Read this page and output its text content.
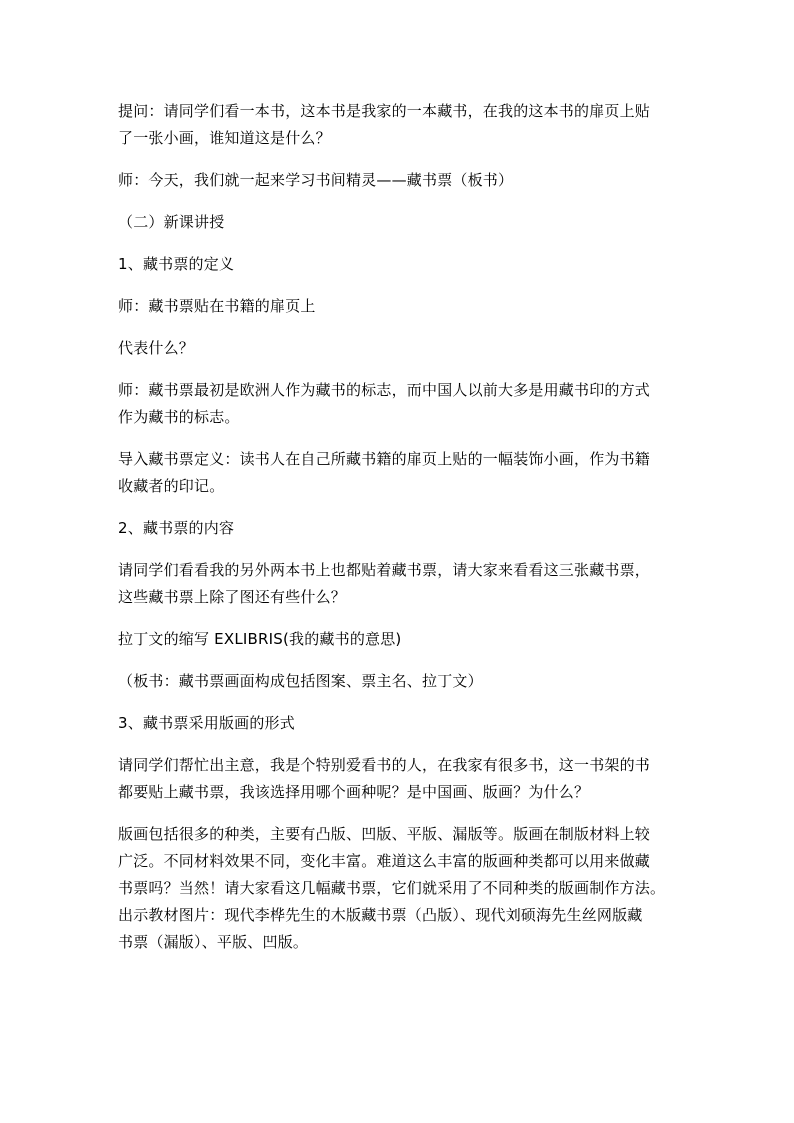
提问：请同学们看一本书，这本书是我家的一本藏书，在我的这本书的扉页上贴
了一张小画，谁知道这是什么？

师：今天，我们就一起来学习书间精灵——藏书票（板书）

（二）新课讲授

1、藏书票的定义

师：藏书票贴在书籍的扉页上

代表什么？

师：藏书票最初是欧洲人作为藏书的标志，而中国人以前大多是用藏书印的方式
作为藏书的标志。

导入藏书票定义：读书人在自己所藏书籍的扉页上贴的一幅装饰小画，作为书籍
收藏者的印记。

2、藏书票的内容

请同学们看看我的另外两本书上也都贴着藏书票，请大家来看看这三张藏书票，
这些藏书票上除了图还有些什么？

拉丁文的缩写 EXLIBRIS(我的藏书的意思)

（板书：藏书票画面构成包括图案、票主名、拉丁文）

3、藏书票采用版画的形式

请同学们帮忙出主意，我是个特别爱看书的人，在我家有很多书，这一书架的书
都要贴上藏书票，我该选择用哪个画种呢？是中国画、版画？为什么？

版画包括很多的种类，主要有凸版、凹版、平版、漏版等。版画在制版材料上较
广泛。不同材料效果不同，变化丰富。难道这么丰富的版画种类都可以用来做藏
书票吗？当然！请大家看这几幅藏书票，它们就采用了不同种类的版画制作方法。
出示教材图片：现代李桦先生的木版藏书票（凸版）、现代刘硕海先生丝网版藏
书票（漏版）、平版、凹版。
